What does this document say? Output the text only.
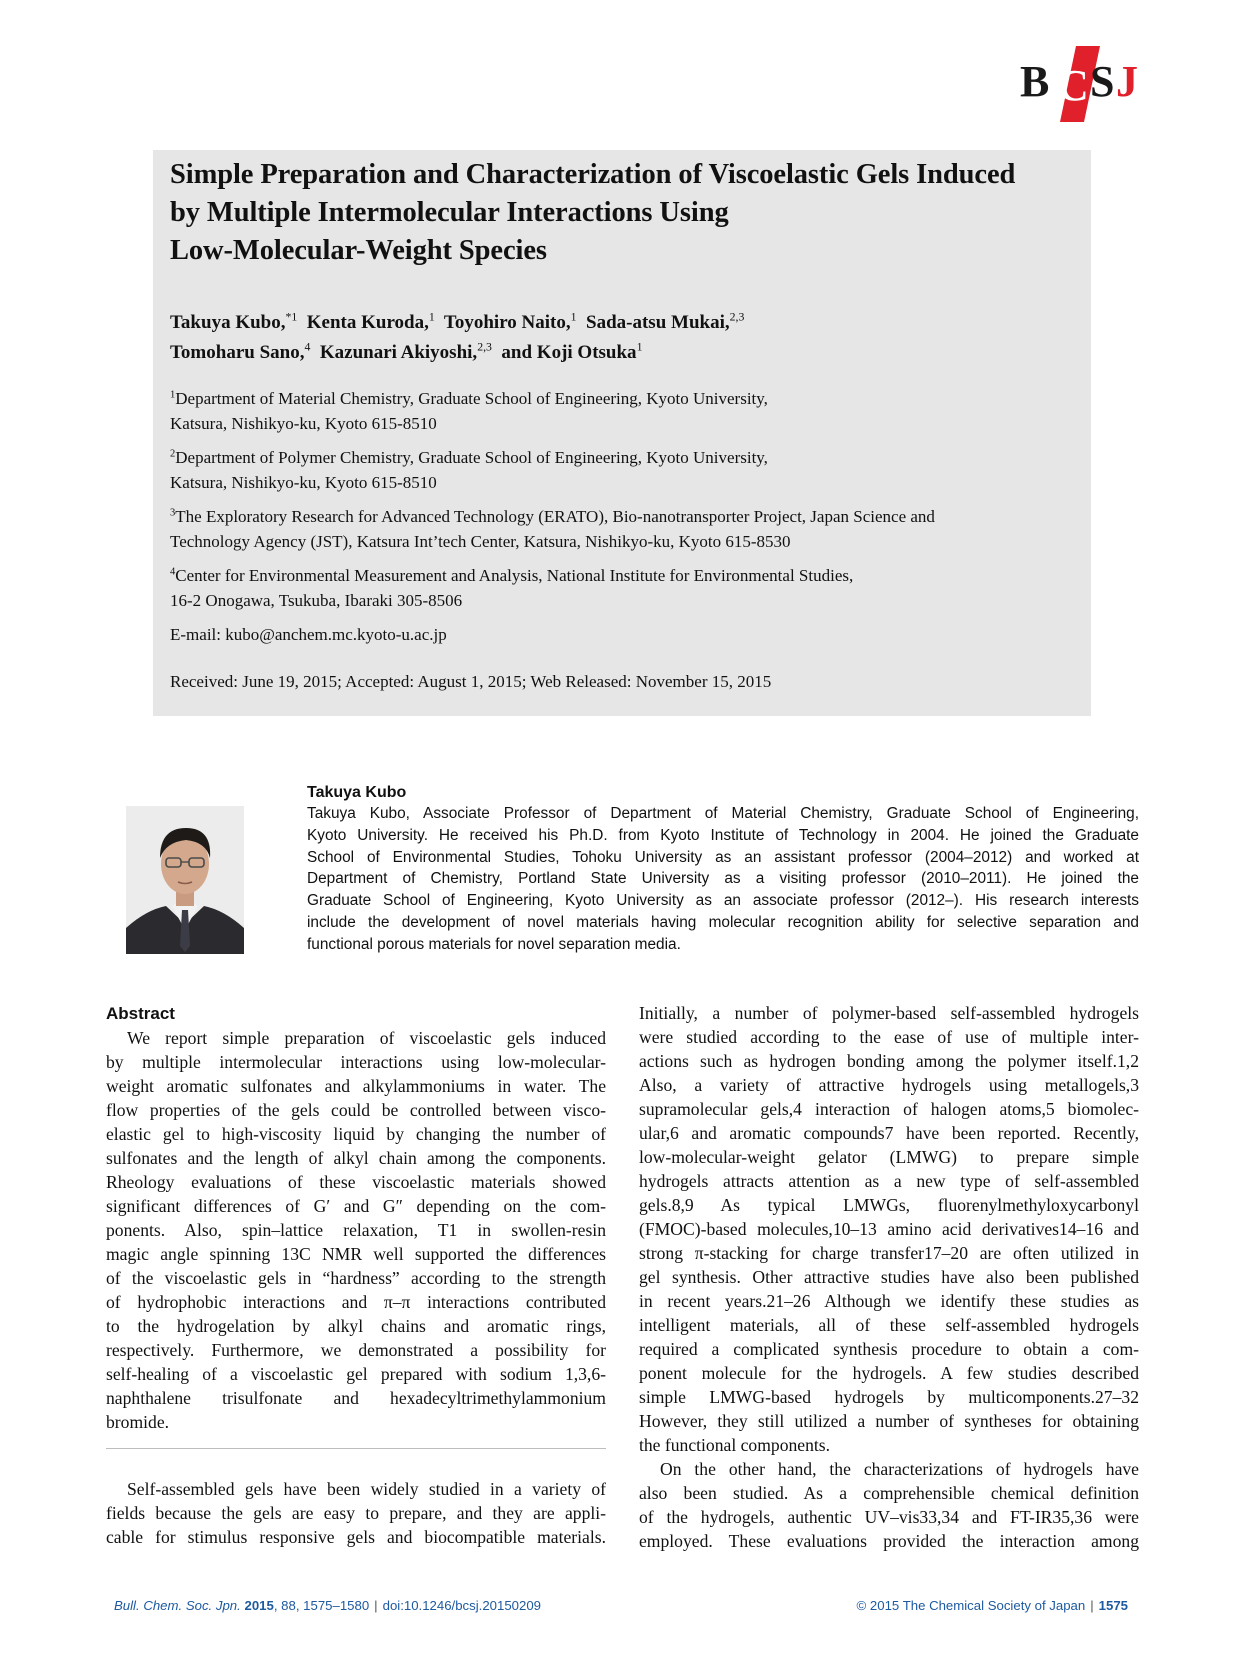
B C S J
Simple Preparation and Characterization of Viscoelastic Gels Induced
by Multiple Intermolecular Interactions Using
Low-Molecular-Weight Species
Takuya Kubo,$^{*1}$ Kenta Kuroda,$^1$ Toyohiro Naito,$^1$ Sada-atsu Mukai,$^{2,3}$
Tomoharu Sano,$^4$ Kazunari Akiyoshi,$^{2,3}$ and Koji Otsuka$^1$
$^1$Department of Material Chemistry, Graduate School of Engineering, Kyoto University,
Katsura, Nishikyo-ku, Kyoto 615-8510
$^2$Department of Polymer Chemistry, Graduate School of Engineering, Kyoto University,
Katsura, Nishikyo-ku, Kyoto 615-8510
$^3$The Exploratory Research for Advanced Technology (ERATO), Bio-nanotransporter Project, Japan Science and
Technology Agency (JST), Katsura Int’tech Center, Katsura, Nishikyo-ku, Kyoto 615-8530
$^4$Center for Environmental Measurement and Analysis, National Institute for Environmental Studies,
16-2 Onogawa, Tsukuba, Ibaraki 305-8506
E-mail: kubo@anchem.mc.kyoto-u.ac.jp
Received: June 19, 2015; Accepted: August 1, 2015; Web Released: November 15, 2015
Takuya Kubo
Takuya Kubo, Associate Professor of Department of Material Chemistry, Graduate School of Engineering,
Kyoto University. He received his Ph.D. from Kyoto Institute of Technology in 2004. He joined the Graduate
School of Environmental Studies, Tohoku University as an assistant professor (2004–2012) and worked at
Department of Chemistry, Portland State University as a visiting professor (2010–2011). He joined the
Graduate School of Engineering, Kyoto University as an associate professor (2012–). His research interests
include the development of novel materials having molecular recognition ability for selective separation and
functional porous materials for novel separation media.
Abstract
We report simple preparation of viscoelastic gels induced
by multiple intermolecular interactions using low-molecular-
weight aromatic sulfonates and alkylammoniums in water. The
flow properties of the gels could be controlled between visco-
elastic gel to high-viscosity liquid by changing the number of
sulfonates and the length of alkyl chain among the components.
Rheology evaluations of these viscoelastic materials showed
significant differences of G′ and G″ depending on the com-
ponents. Also, spin–lattice relaxation, T1 in swollen-resin
magic angle spinning 13C NMR well supported the differences
of the viscoelastic gels in “hardness” according to the strength
of hydrophobic interactions and π–π interactions contributed
to the hydrogelation by alkyl chains and aromatic rings,
respectively. Furthermore, we demonstrated a possibility for
self-healing of a viscoelastic gel prepared with sodium 1,3,6-
naphthalene trisulfonate and hexadecyltrimethylammonium
bromide.
Self-assembled gels have been widely studied in a variety of
fields because the gels are easy to prepare, and they are appli-
cable for stimulus responsive gels and biocompatible materials.
Initially, a number of polymer-based self-assembled hydrogels
were studied according to the ease of use of multiple inter-
actions such as hydrogen bonding among the polymer itself.1,2
Also, a variety of attractive hydrogels using metallogels,3
supramolecular gels,4 interaction of halogen atoms,5 biomolec-
ular,6 and aromatic compounds7 have been reported. Recently,
low-molecular-weight gelator (LMWG) to prepare simple
hydrogels attracts attention as a new type of self-assembled
gels.8,9 As typical LMWGs, fluorenylmethyloxycarbonyl
(FMOC)-based molecules,10–13 amino acid derivatives14–16 and
strong π-stacking for charge transfer17–20 are often utilized in
gel synthesis. Other attractive studies have also been published
in recent years.21–26 Although we identify these studies as
intelligent materials, all of these self-assembled hydrogels
required a complicated synthesis procedure to obtain a com-
ponent molecule for the hydrogels. A few studies described
simple LMWG-based hydrogels by multicomponents.27–32
However, they still utilized a number of syntheses for obtaining
the functional components.
On the other hand, the characterizations of hydrogels have
also been studied. As a comprehensible chemical definition
of the hydrogels, authentic UV–vis33,34 and FT-IR35,36 were
employed. These evaluations provided the interaction among
Bull. Chem. Soc. Jpn. 2015, 88, 1575–1580 | doi:10.1246/bcsj.20150209	© 2015 The Chemical Society of Japan | 1575
